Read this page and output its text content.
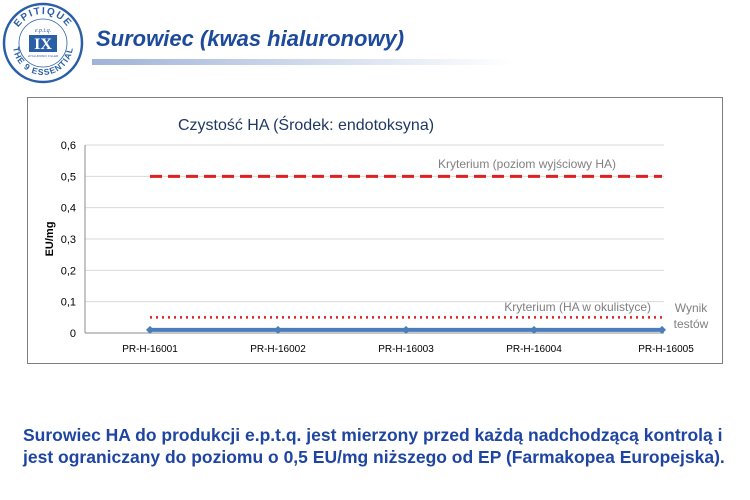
EPITIQUE
THE 9 ESSENTIAL
e.p.t.q.
IX
HYALURONIC FILLER
Surowiec (kwas hialuronowy)
Czystość HA (Środek: endotoksyna)
0
0,1
0,2
0,3
0,4
0,5
0,6
EU/mg
PR-H-16001	PR-H-16002	PR-H-16003	PR-H-16004	PR-H-16005
Kryterium (poziom wyjściowy HA)
Kryterium (HA w okulistyce) Wynik
testów
Surowiec HA do produkcji e.p.t.q. jest mierzony przed każdą nadchodzącą kontrolą i jest ograniczany do poziomu o 0,5 EU/mg niższego od EP (Farmakopea Europejska).
